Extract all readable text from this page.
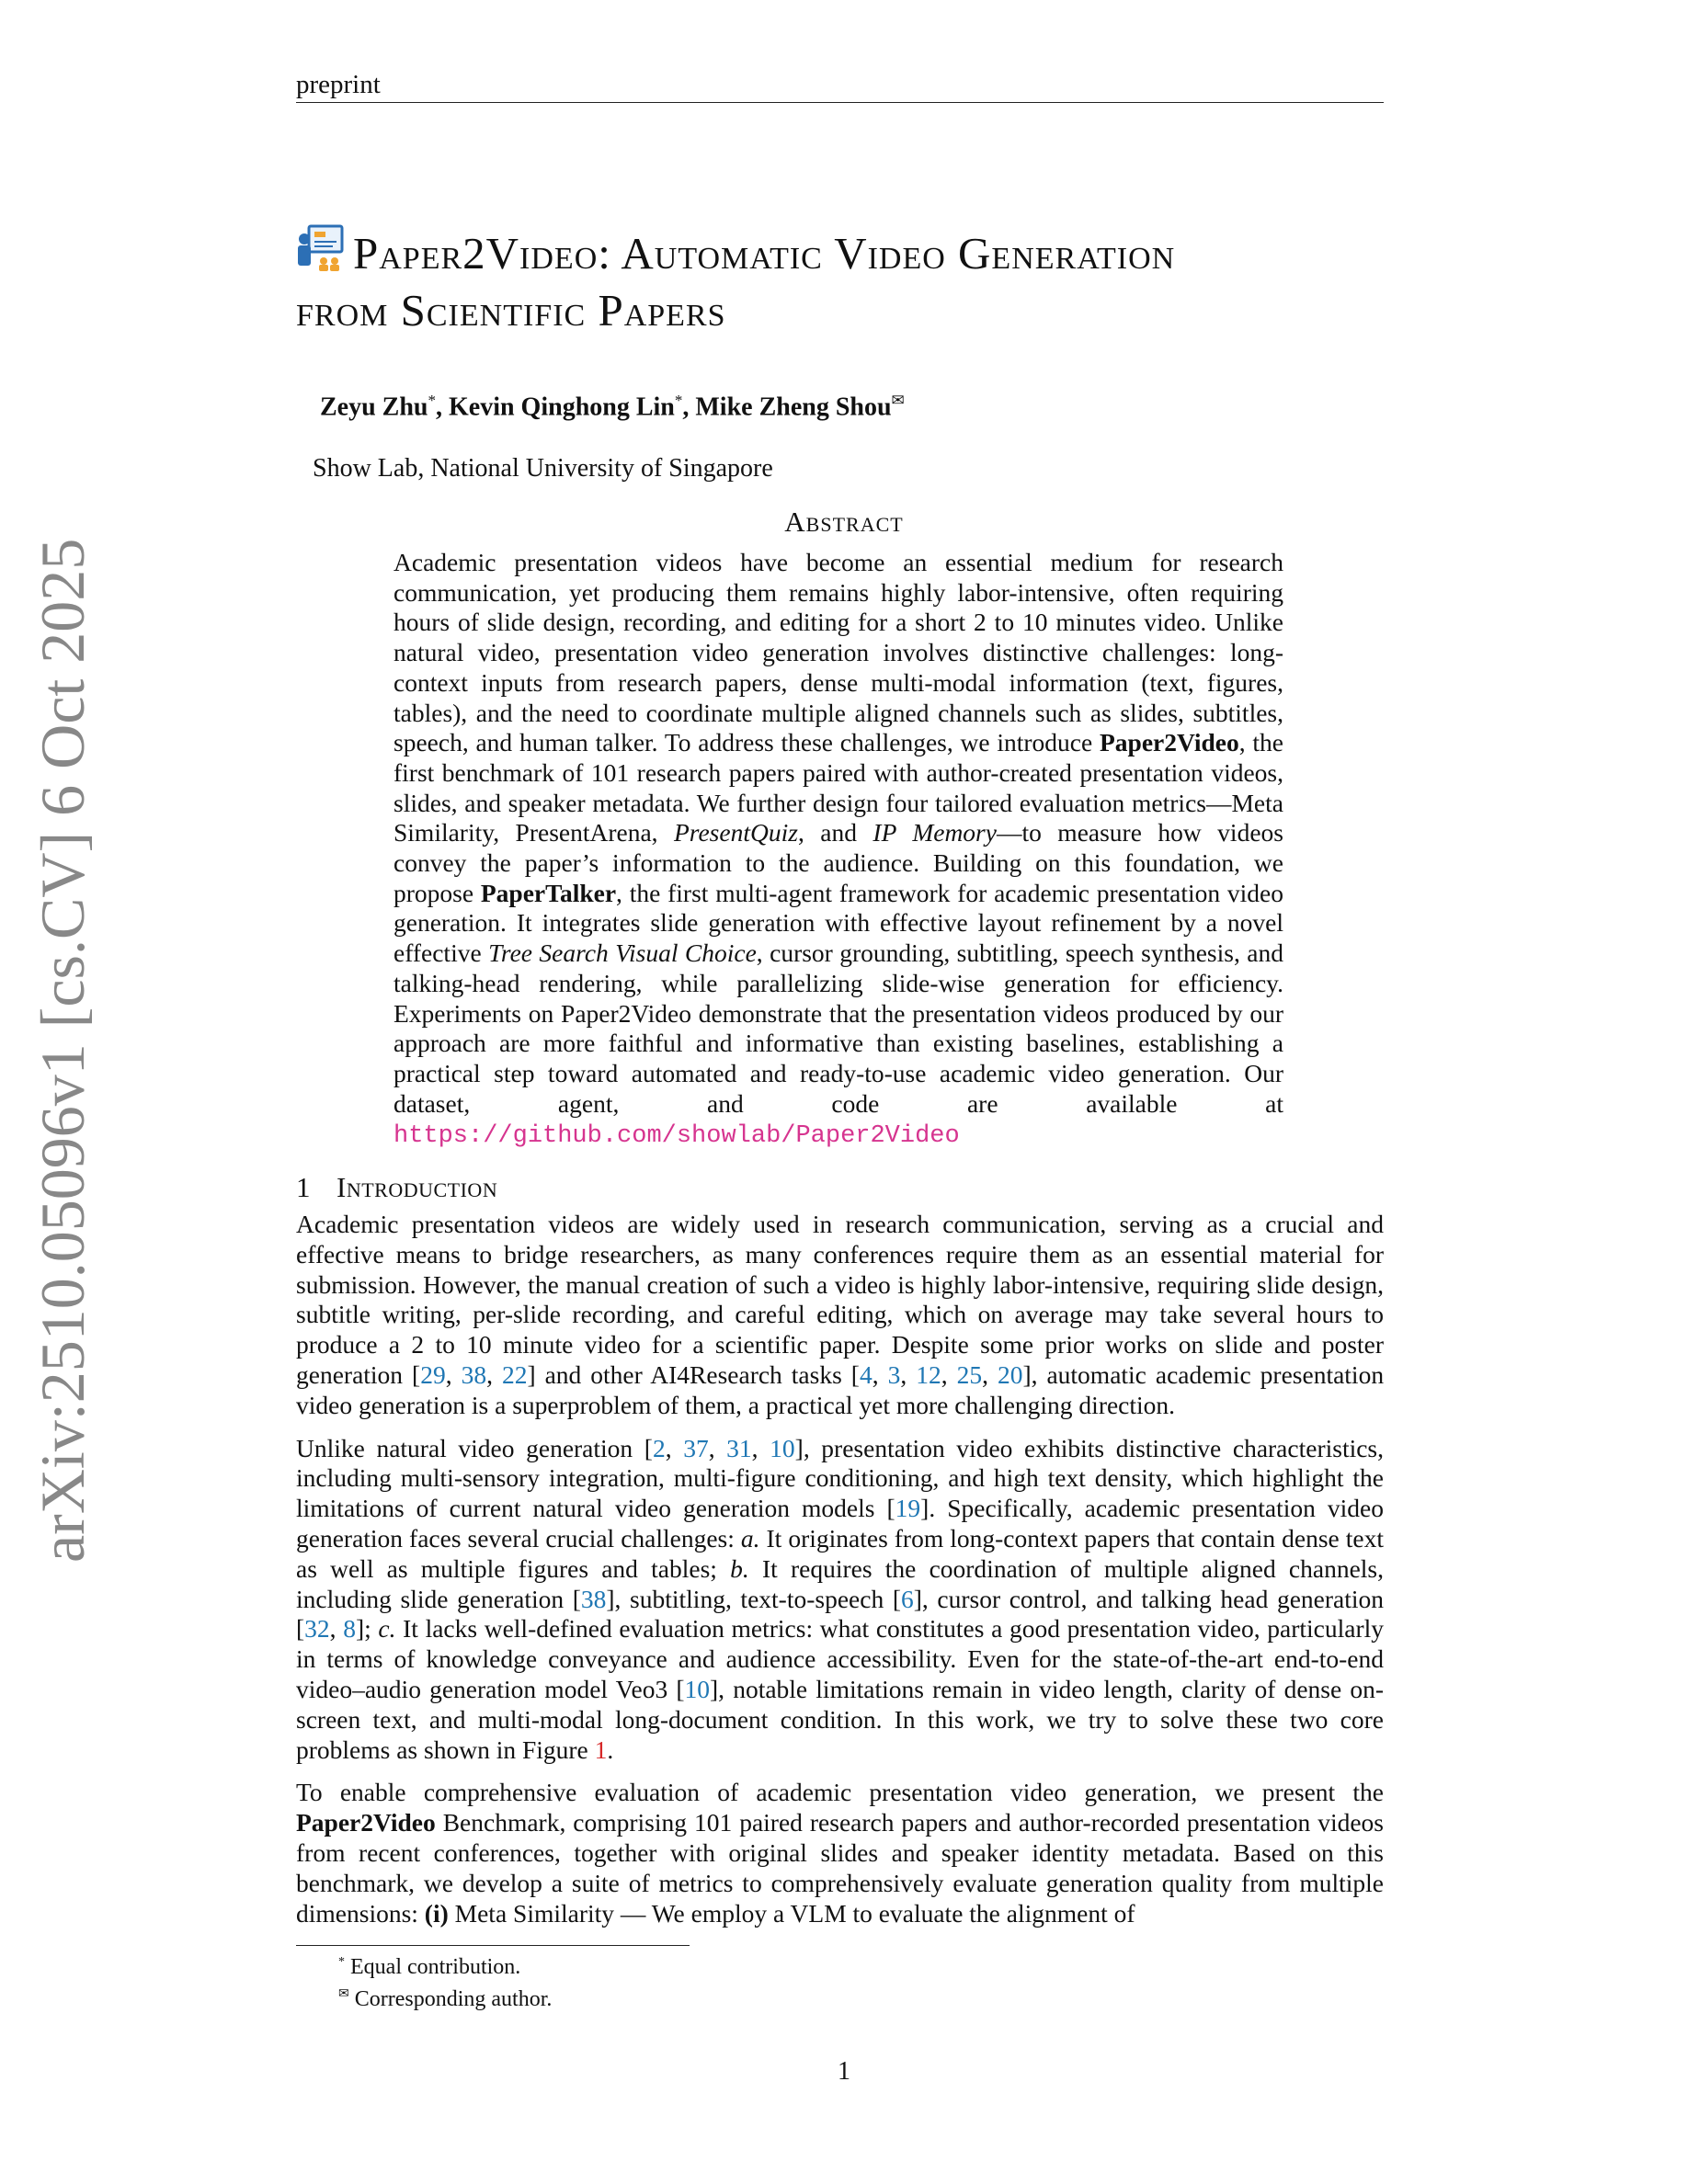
preprint
arXiv:2510.05096v1 [cs.CV] 6 Oct 2025
Paper2Video: Automatic Video Generation
from Scientific Papers
Zeyu Zhu*, Kevin Qinghong Lin*, Mike Zheng Shou✉
Show Lab, National University of Singapore
Abstract
Academic presentation videos have become an essential medium for research communication, yet producing them remains highly labor-intensive, often requiring hours of slide design, recording, and editing for a short 2 to 10 minutes video. Unlike natural video, presentation video generation involves distinctive challenges: long-context inputs from research papers, dense multi-modal information (text, figures, tables), and the need to coordinate multiple aligned channels such as slides, subtitles, speech, and human talker. To address these challenges, we introduce Paper2Video, the first benchmark of 101 research papers paired with author-created presentation videos, slides, and speaker metadata. We further design four tailored evaluation metrics—Meta Similarity, PresentArena, PresentQuiz, and IP Memory—to measure how videos convey the paper’s information to the audience. Building on this foundation, we propose PaperTalker, the first multi-agent framework for academic presentation video generation. It integrates slide generation with effective layout refinement by a novel effective Tree Search Visual Choice, cursor grounding, subtitling, speech synthesis, and talking-head rendering, while parallelizing slide-wise generation for efficiency. Experiments on Paper2Video demonstrate that the presentation videos produced by our approach are more faithful and informative than existing baselines, establishing a practical step toward automated and ready-to-use academic video generation. Our dataset, agent, and code are available at https://github.com/showlab/Paper2Video
1 Introduction

Academic presentation videos are widely used in research communication, serving as a crucial and effective means to bridge researchers, as many conferences require them as an essential material for submission. However, the manual creation of such a video is highly labor-intensive, requiring slide design, subtitle writing, per-slide recording, and careful editing, which on average may take several hours to produce a 2 to 10 minute video for a scientific paper. Despite some prior works on slide and poster generation [29, 38, 22] and other AI4Research tasks [4, 3, 12, 25, 20], automatic academic presentation video generation is a superproblem of them, a practical yet more challenging direction.

Unlike natural video generation [2, 37, 31, 10], presentation video exhibits distinctive characteristics, including multi-sensory integration, multi-figure conditioning, and high text density, which highlight the limitations of current natural video generation models [19]. Specifically, academic presentation video generation faces several crucial challenges: a. It originates from long-context papers that contain dense text as well as multiple figures and tables; b. It requires the coordination of multiple aligned channels, including slide generation [38], subtitling, text-to-speech [6], cursor control, and talking head generation [32, 8]; c. It lacks well-defined evaluation metrics: what constitutes a good presentation video, particularly in terms of knowledge conveyance and audience accessibility. Even for the state-of-the-art end-to-end video–audio generation model Veo3 [10], notable limitations remain in video length, clarity of dense on-screen text, and multi-modal long-document condition. In this work, we try to solve these two core problems as shown in Figure 1.

To enable comprehensive evaluation of academic presentation video generation, we present the Paper2Video Benchmark, comprising 101 paired research papers and author-recorded presentation videos from recent conferences, together with original slides and speaker identity metadata. Based on this benchmark, we develop a suite of metrics to comprehensively evaluate generation quality from multiple dimensions: (i) Meta Similarity — We employ a VLM to evaluate the alignment of

* Equal contribution.
✉ Corresponding author.
1
